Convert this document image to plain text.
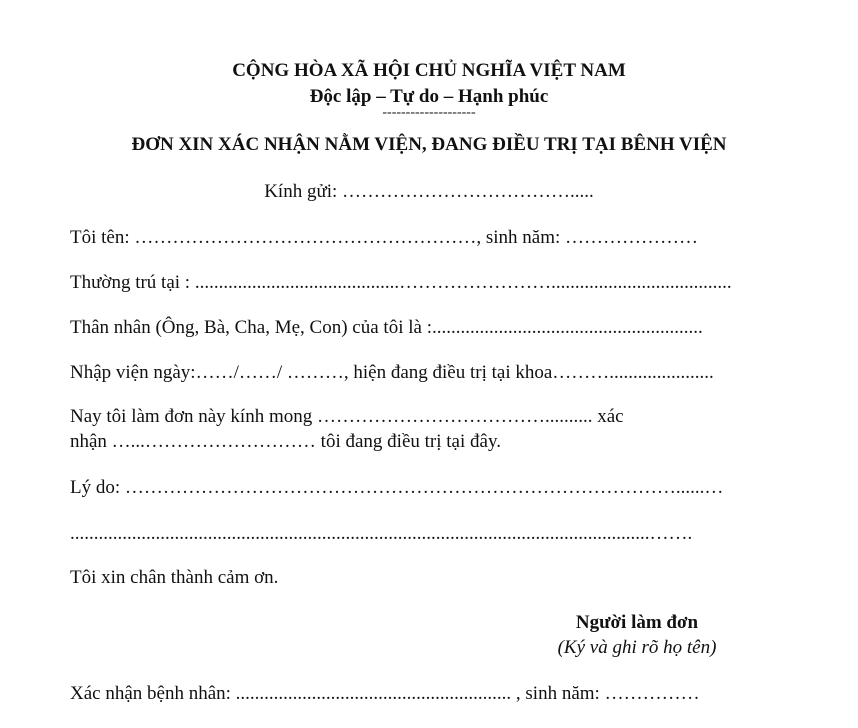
CỘNG HÒA XÃ HỘI CHỦ NGHĨA VIỆT NAM
Độc lập – Tự do – Hạnh phúc
--------------------
ĐƠN XIN XÁC NHẬN NẰM VIỆN, ĐANG ĐIỀU TRỊ TẠI BÊNH VIỆN
Kính gửi: ……………………………….....
Tôi tên: ………………………………………………, sinh năm: …………………
Thường trú tại : ...........................................……………………......................................
Thân nhân (Ông, Bà, Cha, Mẹ, Con) của tôi là :.........................................................
Nhập viện ngày:……/……/ ………, hiện đang điều trị tại khoa………......................
Nay tôi làm đơn này kính mong ……………………………….......... xác
nhận …...……………………… tôi đang điều trị tại đây.
Lý do: ……………………………………………………………………………......…
..........................................................................................................................…….
Tôi xin chân thành cảm ơn.
Người làm đơn
(Ký và ghi rõ họ tên)
Xác nhận bệnh nhân: .......................................................... , sinh năm: ……………
